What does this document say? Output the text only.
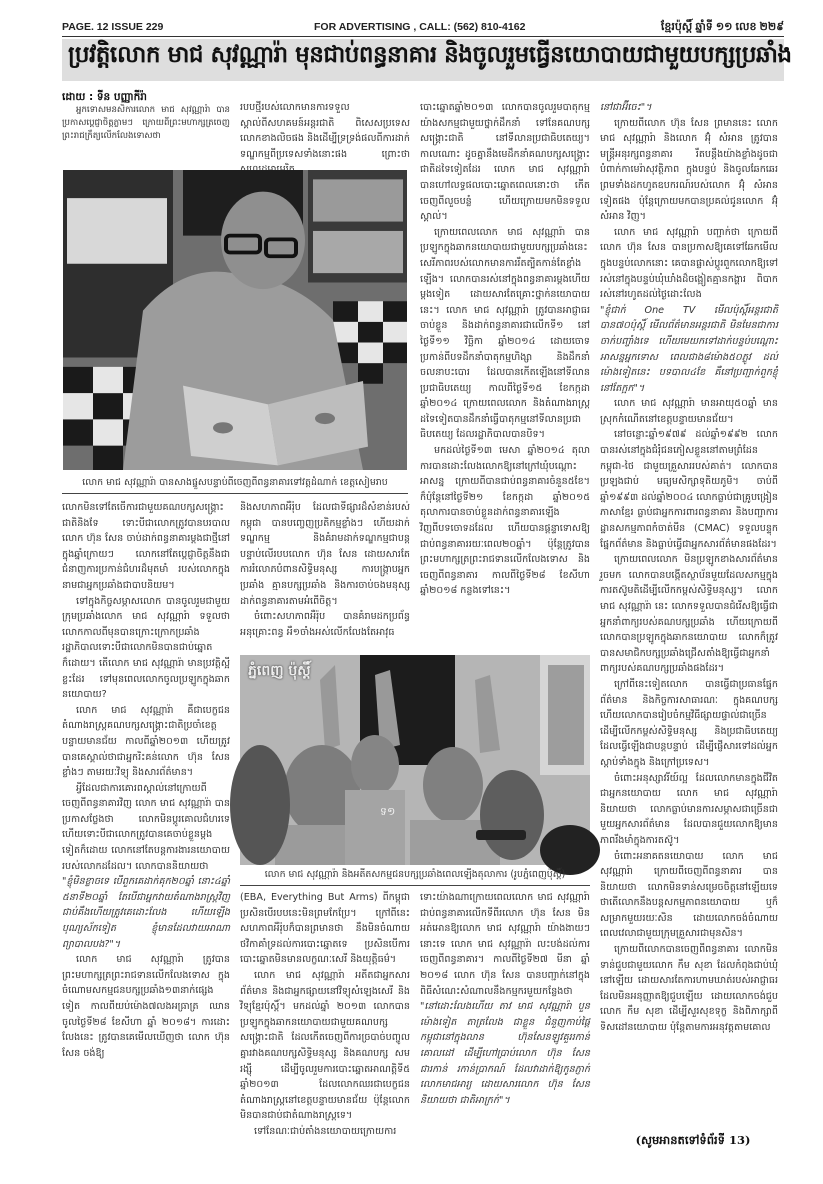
PAGE. 12 ISSUE 229	FOR ADVERTISING , CALL: (562) 810-4162	ខ្មែរប៉ុស្តិ៍ ឆ្នាំទី ១១ លេខ ២២៩
ប្រវត្តិលោក មាជ សុវណ្ណារ៉ា មុនជាប់ពន្ធនាគារ និងចូលរួមធ្វើនយោបាយជាមួយបក្សប្រឆាំង

ដោយ : ទីន បញ្ញាកីរ៉ា

អ្នកទោសមនសិការលោក មាជ សុវណ្ណារ៉ា បានប្រកាសប្តេជ្ញាចិត្តភ្លាមៗ ក្រោយពីព្រះមហាក្សត្រចេញព្រះរាជក្រឹត្យលើកលែងទោសថា

របបថ្មីរបស់លោកមានការទទួលស្គាល់ពីសហគមន៍អន្តរជាតិ ពិសេសប្រទេសលោកខាងលិចផង និងដើម្បីទ្រទ្រង់ផលពីការដាក់ទណ្ឌកម្មពីប្រទេសទាំងនោះផង ព្រោះថា

លោក មាជ សុវណ្ណារ៉ា បានសាងផ្នួសបន្ទាប់ពីចេញពីពន្ធនាគារទៅវត្តដំណាក់ ខេត្តសៀមរាប

លោកមិនទៅតែចើការជាមួយគណបក្សសង្គ្រោះជាតិនិងទែ ទោះបីជាលោកត្រូវបានបរបាលលោក ហ៊ុន សែន ចាប់ដាក់ពន្ធនាគារម្តងជាថ្មីនៅក្នុងឆ្នាំក្រោយៗ លោកនៅតែប្តេជ្ញាចិត្តនឹងជាជំនាញការប្រកាន់ជំហរដ៏មុតមាំ របស់លោកក្នុងនាមជាអ្នកប្រឆាំងជាបាបនិយម។

ទៅក្នុងកិច្ចសម្ភាសលោក បានចូលរួមជាមួយក្រុមប្រឆាំងលោក មាជ សុវណ្ណារ៉ា ទទួលថាលោកកាលពីមុនបានក្រោះក្រោកប្រឆាំងរដ្ឋាភិបាលទោះបីជាលោកមិនបានជាប់ឆ្នោតក៏ដោយ។ តើលោក មាជ សុវណ្ណារ៉ា មានប្រវត្តិស្អីខ្លះដែរ ទៅមុនពេលលោកចូលប្រឡូកក្នុងឆាកនយោបាយ?

លោក មាជ សុវណ្ណារ៉ា គឺជាបេក្ខជនតំណាងរាស្ត្រគណបក្សសង្គ្រោះជាតិប្រចាំខេត្តបន្ទាយមានជ័យ កាលពីឆ្នាំ២០១៣ ហើយត្រូវបានគេស្គាល់ថាជាអ្នករិះគន់លោក ហ៊ុន សែន ខ្លាំងៗ តាមរយៈវិទ្យុ និងសារព័ត៌មាន។

អ្វីដែលជាការគោរពស្គាល់នៅក្រោយពីចេញពីពន្ធនាគារវិញ លោក មាជ សុវណ្ណារ៉ា បានប្រកាសថ្លែងថា លោកមិនប្តូរគោលជំហរទេ ហើយទោះបីជាលោកត្រូវបានគេចាប់ខ្លួនម្តងទៀតក៏ដោយ លោកនៅតែបន្តការងារនយោបាយរបស់លោកដដែល។ លោកបាននិយាយថា

"ខ្ញុំមិនខ្លាចទេ បើពួកគេដាក់គុក២០ឆ្នាំ នោះ៤ឆ្នាំ ៥នាទី២០ឆ្នាំ តែបើជាអ្នកវាយតំណាងរាស្ត្រវិញ ជាប់គឹងហើយត្រូវគេដោះលែង ហើយឡើងបុណ្យស័កទៀត ខ្ញុំមានដែលវាយអាណាព្យាបាលបង?"។

លោក មាជ សុវណ្ណារ៉ា ត្រូវបានព្រះមហាក្សត្រព្រះរាជទានលើកលែងទោស ក្នុងចំណោមសកម្មជនបក្សប្រឆាំង១៣នាក់ផ្សេងទៀត កាលពីយប់ម៉ោង៧លងអធ្រាត្រ ឈានចូលថ្ងៃទី២៨ ខែសីហា ឆ្នាំ ២០១៨។ ការដោះលែងនេះ ត្រូវបានគេមើលឃើញថា លោក ហ៊ុន សែន ចង់ឱ្យ

និងសហភាពអឺរ៉ុប ដែលជាទីផ្សារដ៏សំខាន់របស់កម្ពុជា បានបញ្ចេញប្រតិកម្មខ្លាំងៗ ហើយដាក់ទណ្ឌកម្ម និងគំរាមដាក់ទណ្ឌកម្មជាបន្តបន្ទាប់លើរបបលោក ហ៊ុន សែន ដោយសារតែការរំលោភបំពានសិទ្ធិមនុស្ស ការបង្ក្រាបអ្នកប្រឆាំង គ្មានបក្សប្រឆាំង និងការចាប់ចងមនុស្សដាក់ពន្ធនាគារតាមអំពើចិត្ត។

ចំពោះសហភាពអឺរ៉ុប បានគំរាមដកប្រព័ន្ធអនុគ្រោះពន្ធ អឺ១ចាំងអស់លើកលែងតែអាវុធ

ទ១
ភ្នំពេញ ប៉ុស្តិ៍
លោក មាជ សុវណ្ណារ៉ា និងអតីតសកម្មជនបក្សប្រឆាំងពេលឡើងតុលាការ (រូបភ្នំពេញប៉ុស្តិ៍)

(EBA, Everything But Arms) ពីកម្ពុជា ប្រសិនបើរបបនេះមិនព្រមកែប្រែ។ ក្រៅពីនេះ សហភាពអឺរ៉ុបក៏បានព្រមានថា នឹងមិនចំណាយថវិកាគាំទ្រដល់ការបោះឆ្នោតទេ ប្រសិនបើការបោះឆ្នោតមិនមានលក្ខណៈសេរី និងយុត្តិធម៌។

លោក មាជ សុវណ្ណារ៉ា អតីតជាអ្នកសារព័ត៌មាន និងជាអ្នកផ្សាយនៅវិទ្យុសំឡេងសេរី និងវិទ្យុខ្មែរប៉ុស្តិ៍។ មកដល់ឆ្នាំ ២០១៣ លោកបានប្រឡូកក្នុងឆាកនយោបាយជាមួយគណបក្សសង្គ្រោះជាតិ ដែលកើតចេញពីការច្របាច់បញ្ចូលគ្នារវាងគណបក្សសិទ្ធិមនុស្ស និងគណបក្ស សម រង្ស៊ី ដើម្បីចូលរួមការបោះឆ្នោតអាណត្តិទី៥ ឆ្នាំ២០១៣ ដែលលោកឈរជាបេក្ខជនតំណាងរាស្ត្រនៅខេត្តបន្ទាយមានជ័យ ប៉ុន្តែលោកមិនបានជាប់ជាតំណាងរាស្ត្រទេ។

ទៅនែណៈជាប់តាំងនយោបាយក្រោយការ

បោះឆ្នោតឆ្នាំ២០១៣ លោកបានចូលរួមបាតុកម្មយ៉ាងសកម្មជាមួយថ្នាក់ដឹកនាំ ទៅនែគណបក្សសង្គ្រោះជាតិ នៅទីលានប្រជាធិបតេយ្យ។ កាលណោះ ដូចគ្នានឹងមេដឹកនាំគណបក្សសង្គ្រោះជាតិដទៃទៀតដែរ លោក មាជ សុវណ្ណារ៉ា បានហៅលទ្ធផលបោះឆ្នោតពេលនោះថា កើតចេញពីលួចបន្លំ ហើយក្រោយមកមិនទទួលស្គាល់។

ក្រោយពេលលោក មាជ សុវណ្ណារ៉ា បានប្រឡូកក្នុងឆាកនយោបាយជាមួយបក្សប្រឆាំងនេះ សេរីភាពរបស់លោកមានការរឹតត្បិតកាន់តែខ្លាំងឡើង។ លោកបានរស់នៅក្នុងពន្ធនាគារម្តងហើយម្តងទៀត ដោយសារតែគ្រោះថ្នាក់នយោបាយនេះ។ លោក មាជ សុវណ្ណារ៉ា ត្រូវបានអាជ្ញាធរចាប់ខ្លួន និងដាក់ពន្ធនាគារជាលើកទី១ នៅថ្ងៃទី១១ វិច្ឆិកា ឆ្នាំ២០១៤ ដោយចោទប្រកាន់ពីបទដឹកនាំបាតុកម្មហិង្សា និងដឹកនាំចលនាបះបោរ ដែលបានកើតឡើងនៅទីលានប្រជាធិបតេយ្យ កាលពីថ្ងៃទី១៥ ខែកក្កដា ឆ្នាំ២០១៤ ក្រោយពេលលោក និងតំណាងរាស្ត្រដទៃទៀតបានដឹកនាំធ្វើបាតុកម្មនៅទីលានប្រជាធិបតេយ្យ ដែលរដ្ឋាភិបាលបានបិទ។

មកដល់ថ្ងៃទី១៣ មេសា ឆ្នាំ២០១៤ តុលាការបានដោះលែងលោកឱ្យនៅក្រៅឃុំបណ្តោះអាសន្ន ក្រោយពីបានជាប់ពន្ធនាគារចំនួន៥ខែ។ ក៏ប៉ុន្តែនៅថ្ងៃទី២១ ខែកក្កដា ឆ្នាំ២០១៥ តុលាការបានចាប់ខ្លួនដាក់ពន្ធនាគារឡើងវិញពីបទចោទដដែល ហើយបានផ្តន្ទាទោសឱ្យជាប់ពន្ធនាគាររយៈពេល២០ឆ្នាំ។ ប៉ុន្តែត្រូវបានព្រះមហាក្សត្រព្រះរាជទានលើកលែងទោស និងចេញពីពន្ធនាគារ កាលពីថ្ងៃទី២៨ ខែសីហា ឆ្នាំ២០១៨ កន្លងទៅនេះ។

ទោះយ៉ាងណាក្រោយពេលលោក មាជ សុវណ្ណារ៉ា ជាប់ពន្ធនាគារលើកទីពីរលោក ហ៊ុន សែន មិនអត់អោនឱ្យលោក មាជ សុវណ្ណារ៉ា យ៉ាងងាយៗនោះទេ លោក មាជ សុវណ្ណារ៉ា លះបង់ដល់ការចេញពីពន្ធនាគារ។ កាលពីថ្ងៃទី២៧ មីនា ឆ្នាំ ២០១៨ លោក ហ៊ុន សែន បានបញ្ជាក់នៅក្នុងពិធីសំណេះសំណាលនឹងកម្មករមួយកន្លែងថា

"នៅដោះលែងហើយ តាវ មាជ សុវណ្ណារ៉ា បួនម៉ោងទៀត តាត្រលែង ជាខ្លួន ជំនួញកាប់ផ្តៃកម្ពុជានៅក្នុងលាន ហ៊ុនសែនឡូវគួររកាន់គោលដៅ ដើម្បីហៅប្រាប់លោក ហ៊ុន សែន ជារកាន់ រកាន់ប្រាកណ៍ ដែលវាដាក់ឱ្យកូនភ្ញាក់លោកមាជអារ្យ ដោយសារលោក ហ៊ុន សែន និយាយថា ជាតិអាក្រក់"។

នៅជាអ៊ីចេះ"។

ក្រោយពីលោក ហ៊ុន សែន ព្រមាននេះ លោក មាជ សុវណ្ណារ៉ា និងលោក អ៊ុំ សំអាន ត្រូវបានមន្ត្រីអនុរក្សពន្ធនាគារ រឹតបន្តឹងយ៉ាងខ្លាំងដូចជាបំពាក់កាមេរ៉ាសុវត្ថិភាព ក្នុងបន្ទប់ និងចូលឆែកឆេរព្រមទាំងដកហូតឧបករណ៍របស់លោក អ៊ុំ សំអាន ទៀតផង ប៉ុន្តែក្រោយមកបានប្រគល់ជូនលោក អ៊ុំ សំអាន វិញ។

លោក មាជ សុវណ្ណារ៉ា បញ្ជាក់ថា ក្រោយពីលោក ហ៊ុន សែន បានប្រកាសឱ្យគេទៅឆែកមើលក្នុងបន្ទប់លោកនោះ គេបានផ្លាស់ប្តូរពួកលោកឱ្យទៅរស់នៅក្នុងបន្ទប់ឃុំឃាំងដ៏ចង្អៀតគ្មានកង្ហារ ពិបាករស់នៅរហូតដល់ថ្ងៃដោះលែង

"ខ្ញុំជាក់ One TV មើលប៉ុស្តិ៍អន្តរជាតិ បាន៧០ប៉ុស្តិ៍ មើលព័ត៌មានអន្តរជាតិ មិនមែនជាការចាក់បញ្ចាំងទេ ហើយមេយកទៅដាក់បន្ទប់បណ្តោះអាសន្នអ្នកទោស ពេលជាង៨ម៉ោង៥០ភ្លូវ ដល់ម៉ោងទៀតនេះ បទបាល៤ខែ គឺនៅប្រញ្ជាក់ពួកខ្ញុំនៅតែក្អក"។

លោក មាជ សុវណ្ណារ៉ា មានអាយុ៥០ឆ្នាំ មានស្រុកកំណើតនៅខេត្តបន្ទាយមានជ័យ។

នៅចន្លោះឆ្នាំ១៩៧៩ ដល់ឆ្នាំ១៩៩២ លោក បានរស់នៅក្នុងជំរុំជនភៀសខ្លួននៅតាមព្រំដែនកម្ពុជា-ថៃ ជាមួយគ្រួសាររបស់គាត់។ លោកបានប្រឡងជាប់ មធ្យមសិក្សាទុតិយភូមិ។ ចាប់ពីឆ្នាំ១៩៩៣ ដល់ឆ្នាំ២០០៤ លោកធ្លាប់ជាគ្រូបង្រៀនភាសាខ្មែរ ធ្លាប់ជាអ្នកការពារពន្ធនាគារ និងបញ្ជាការដ្ឋានសកម្មភាពកំចាត់មីន (CMAC) ទទួលបន្ទុកផ្នែកព័ត៌មាន និងធ្លាប់ធ្វើជាអ្នកសារព័ត៌មានផងដែរ។

ក្រោយពេលលោក មិនប្រឡូកខាងសារព័ត៌មានរួចមក លោកបានបង្កើតស្ថាប័នមួយដែលសកម្មក្នុងការតស៊ូមតិដើម្បីលើកកម្ពស់សិទ្ធិមនុស្ស។ លោក មាជ សុវណ្ណារ៉ា នេះ លោកទទួលបានជំរើសឱ្យធ្វើជាអ្នកនាំពាក្យរបស់គណបក្សប្រឆាំង ហើយក្រោយពីលោកបានប្រឡូកក្នុងឆាកនយោបាយ លោកក៏ត្រូវបានសមាជិកបក្សប្រឆាំងជ្រើសតាំងឱ្យធ្វើជាអ្នកនាំពាក្យរបស់គណបក្សប្រឆាំងផងដែរ។

ក្រៅពីនេះទៀតលោក បានធ្វើជាប្រធានផ្នែកព័ត៌មាន និងកិច្ចការសាធារណៈ ក្នុងគណបក្ស ហើយលោកបានរៀបចំកម្មវិធីផ្សាយផ្ទាល់ជាច្រើន ដើម្បីលើកកម្ពស់សិទ្ធិមនុស្ស និងប្រជាធិបតេយ្យ ដែលធ្វើឡើងជាបន្តបន្ទាប់ ដើម្បីផ្ញើសារទៅដល់អ្នកស្តាប់ទាំងក្នុង និងក្រៅប្រទេស។

ចំពោះអនុស្សាវរីយ៍ល្អ ដែលលោកមានក្នុងជីវិតជាអ្នកនយោបាយ លោក មាជ សុវណ្ណារ៉ា និយាយថា លោកធ្លាប់មានការសម្ភាសជាច្រើនជាមួយអ្នកសារព័ត៌មាន ដែលបានជួយលោកឱ្យមានភាពរឹងមាំក្នុងការតស៊ូ។

ចំពោះអនាគតនយោបាយ លោក មាជ សុវណ្ណារ៉ា ក្រោយពីចេញពីពន្ធនាគារ បាននិយាយថា លោកមិនទាន់សម្រេចចិត្តនៅឡើយទេ ថាតើលោកនឹងបន្តសកម្មភាពនយោបាយ ឬក៏សម្រាកមួយរយៈសិន ដោយលោកចង់ចំណាយពេលវេលាជាមួយក្រុមគ្រួសារជាមុនសិន។

ក្រោយពីលោកបានចេញពីពន្ធនាគារ លោកមិនទាន់ជួបជាមួយលោក កឹម សុខា ដែលកំពុងជាប់ឃុំនៅឡើយ ដោយសារតែការហាមឃាត់របស់អាជ្ញាធរ ដែលមិនអនុញ្ញាតឱ្យជួបឡើយ ដោយលោកចង់ជួបលោក កឹម សុខា ដើម្បីសួរសុខទុក្ខ និងពិភាក្សាពីទិសដៅនយោបាយ ប៉ុន្តែតាមការអនុវត្តតាមគោល

(សូមអានតទៅទំព័រទី 13)
